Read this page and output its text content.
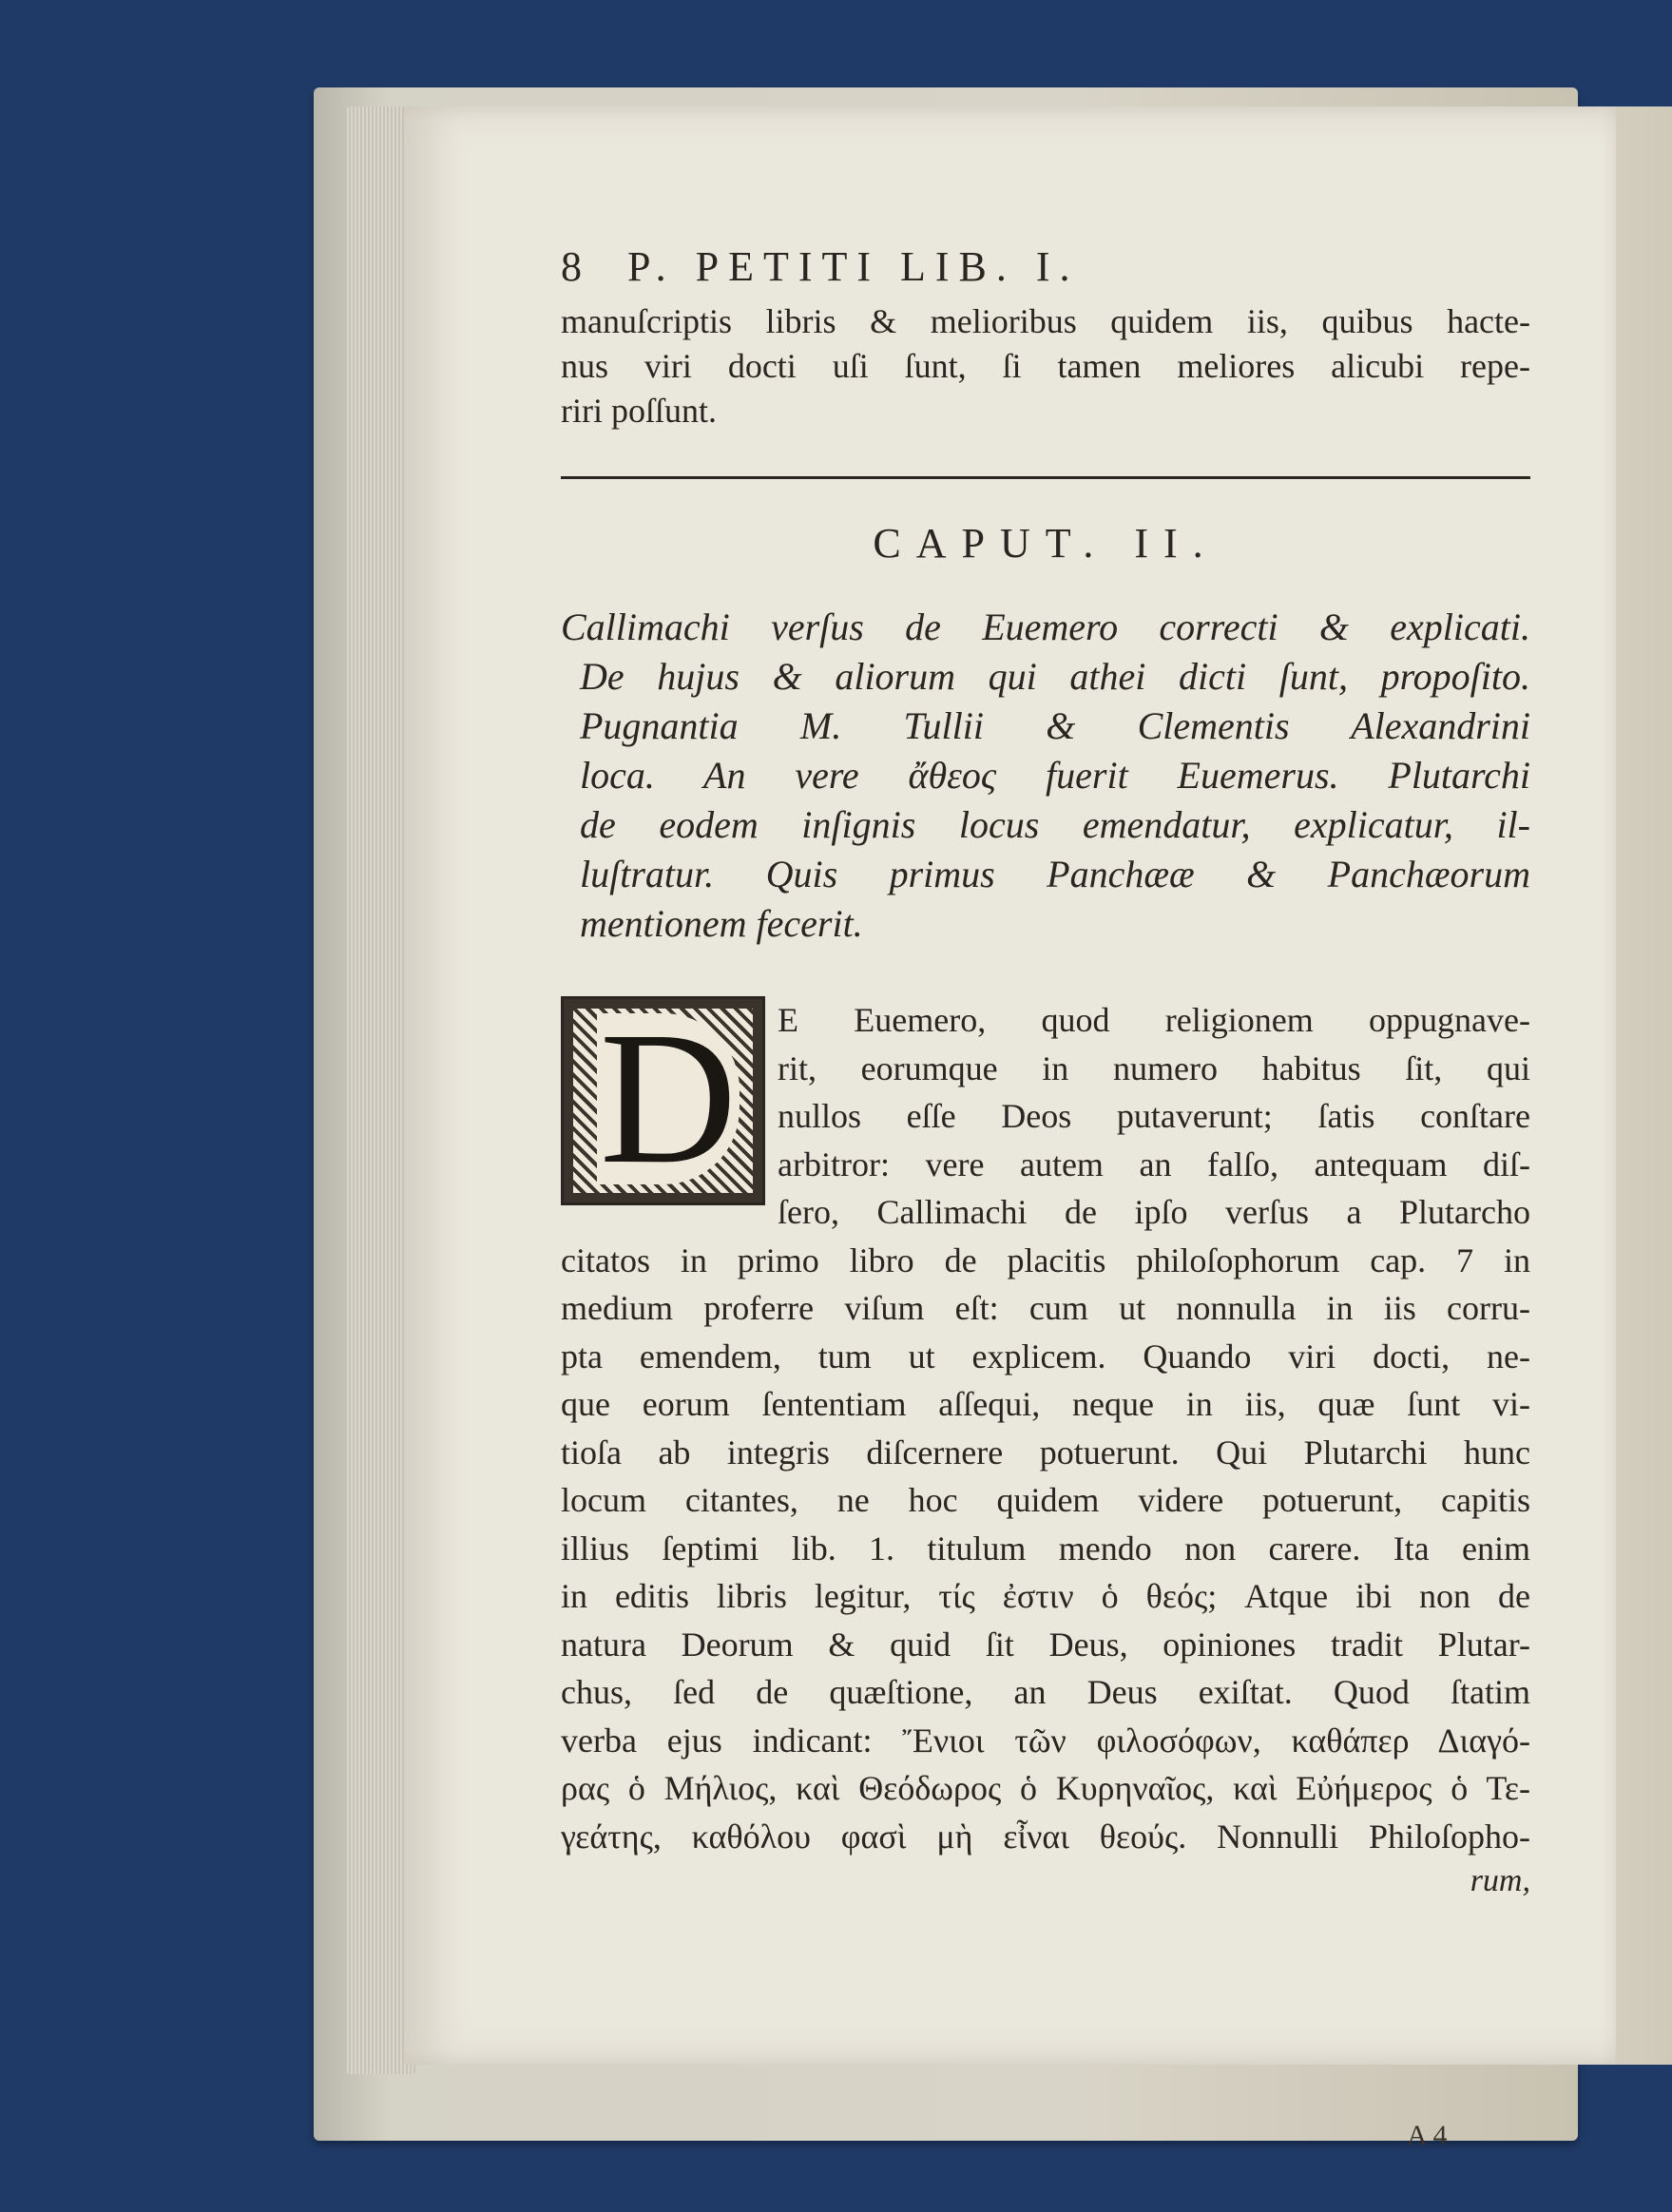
8	P. PETITI LIB. I.
manuſcriptis libris & melioribus quidem iis, quibus hacte-
nus viri docti uſi ſunt, ſi tamen meliores alicubi repe-
riri poſſunt.
CAPUT. II.
Callimachi verſus de Euemero correcti & explicati.
De hujus & aliorum qui athei dicti ſunt, propoſito.
Pugnantia M. Tullii & Clementis Alexandrini
loca. An vere ἄθεος fuerit Euemerus. Plutarchi
de eodem inſignis locus emendatur, explicatur, il-
luſtratur. Quis primus Panchææ & Panchæorum
mentionem fecerit.
D	E Euemero, quod religionem oppugnave-
rit, eorumque in numero habitus ſit, qui
nullos eſſe Deos putaverunt; ſatis conſtare
arbitror: vere autem an falſo, antequam diſ-
ſero, Callimachi de ipſo verſus a Plutarcho
citatos in primo libro de placitis philoſophorum cap. 7 in
medium proferre viſum eſt: cum ut nonnulla in iis corru-
pta emendem, tum ut explicem. Quando viri docti, ne-
que eorum ſententiam aſſequi, neque in iis, quæ ſunt vi-
tioſa ab integris diſcernere potuerunt. Qui Plutarchi hunc
locum citantes, ne hoc quidem videre potuerunt, capitis
illius ſeptimi lib. 1. titulum mendo non carere. Ita enim
in editis libris legitur, τίς ἐστιν ὁ θεός; Atque ibi non de
natura Deorum & quid ſit Deus, opiniones tradit Plutar-
chus, ſed de quæſtione, an Deus exiſtat. Quod ſtatim
verba ejus indicant: Ἔνιοι τῶν φιλοσόφων, καθάπερ Διαγό-
ρας ὁ Μήλιος, καὶ Θεόδωρος ὁ Κυρηναῖος, καὶ Εὐήμερος ὁ Τε-
γεάτης, καθόλου φασὶ μὴ εἶναι θεούς. Nonnulli Philoſopho-
rum,
A 4
